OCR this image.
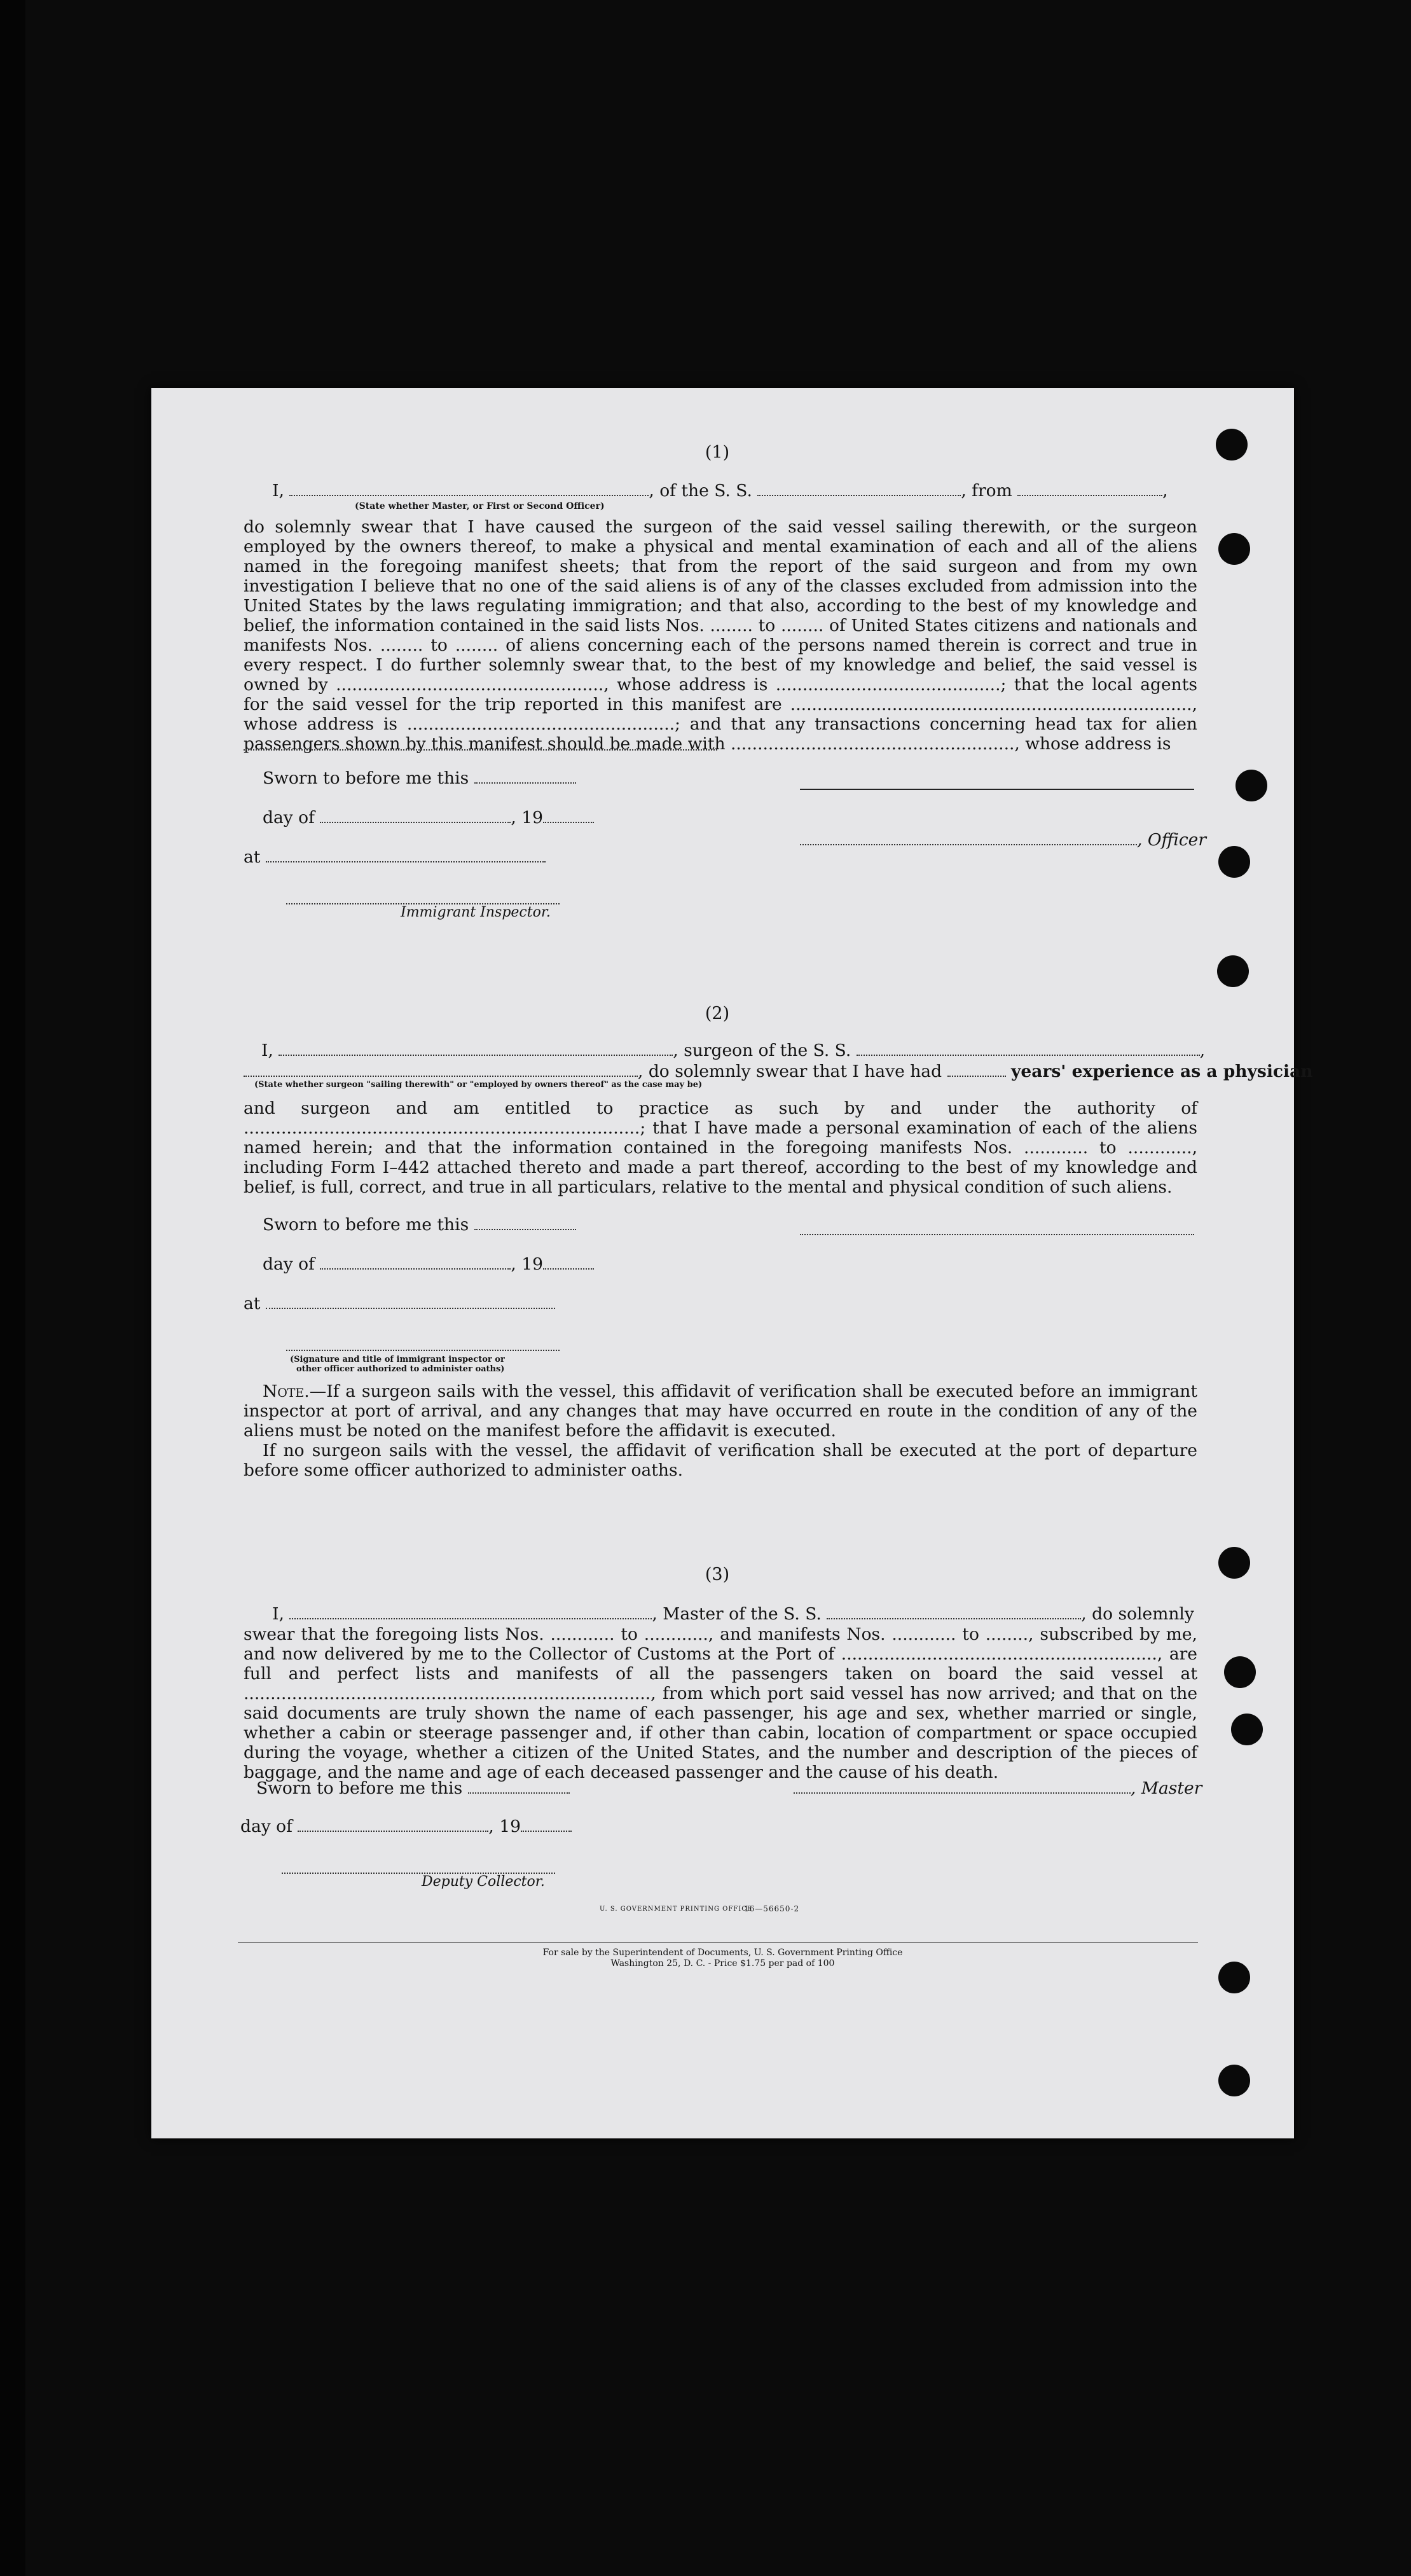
(1)
I,	, of the S. S.	, from	,
(State whether Master, or First or Second Officer)
do solemnly swear that I have caused the surgeon of the said vessel sailing therewith, or the surgeon employed by the owners thereof, to make a physical and mental examination of each and all of the aliens named in the foregoing manifest sheets; that from the report of the said surgeon and from my own investigation I believe that no one of the said aliens is of any of the classes excluded from admission into the United States by the laws regulating immigration; and that also, according to the best of my knowledge and belief, the information contained in the said lists Nos. ........ to ........ of United States citizens and nationals and manifests Nos. ........ to ........ of aliens concerning each of the persons named therein is correct and true in every respect. I do further solemnly swear that, to the best of my knowledge and belief, the said vessel is owned by .................................................., whose address is ..........................................; that the local agents for the said vessel for the trip reported in this manifest are ..........................................................................., whose address is ..................................................; and that any transactions concerning head tax for alien passengers shown by this manifest should be made with ....................................................., whose address is
Sworn to before me this
day of	, 19
, Officer
at
Immigrant Inspector.
(2)
I,	, surgeon of the S. S.	,
, do solemnly swear that I have had	years' experience as a physician
(State whether surgeon "sailing therewith" or "employed by owners thereof" as the case may be)
and surgeon and am entitled to practice as such by and under the authority of ..........................................................................; that I have made a personal examination of each of the aliens named herein; and that the information contained in the foregoing manifests Nos. ............ to ............, including Form I–442 attached thereto and made a part thereof, according to the best of my knowledge and belief, is full, correct, and true in all particulars, relative to the mental and physical condition of such aliens.
Sworn to before me this
day of	, 19
at
(Signature and title of immigrant inspector or
other officer authorized to administer oaths)
Note.—If a surgeon sails with the vessel, this affidavit of verification shall be executed before an immigrant inspector at port of arrival, and any changes that may have occurred en route in the condition of any of the aliens must be noted on the manifest before the affidavit is executed.
If no surgeon sails with the vessel, the affidavit of verification shall be executed at the port of departure before some officer authorized to administer oaths.
(3)
I,	, Master of the S. S.	, do solemnly
swear that the foregoing lists Nos. ............ to ............, and manifests Nos. ............ to ........, subscribed by me, and now delivered by me to the Collector of Customs at the Port of ..........................................................., are full and perfect lists and manifests of all the passengers taken on board the said vessel at ............................................................................, from which port said vessel has now arrived; and that on the said documents are truly shown the name of each passenger, his age and sex, whether married or single, whether a cabin or steerage passenger and, if other than cabin, location of compartment or space occupied during the voyage, whether a citizen of the United States, and the number and description of the pieces of baggage, and the name and age of each deceased passenger and the cause of his death.
Sworn to before me this	, Master
day of	, 19
Deputy Collector.
U. S. GOVERNMENT PRINTING OFFICE
16—56650-2
For sale by the Superintendent of Documents, U. S. Government Printing Office
Washington 25, D. C. - Price $1.75 per pad of 100
